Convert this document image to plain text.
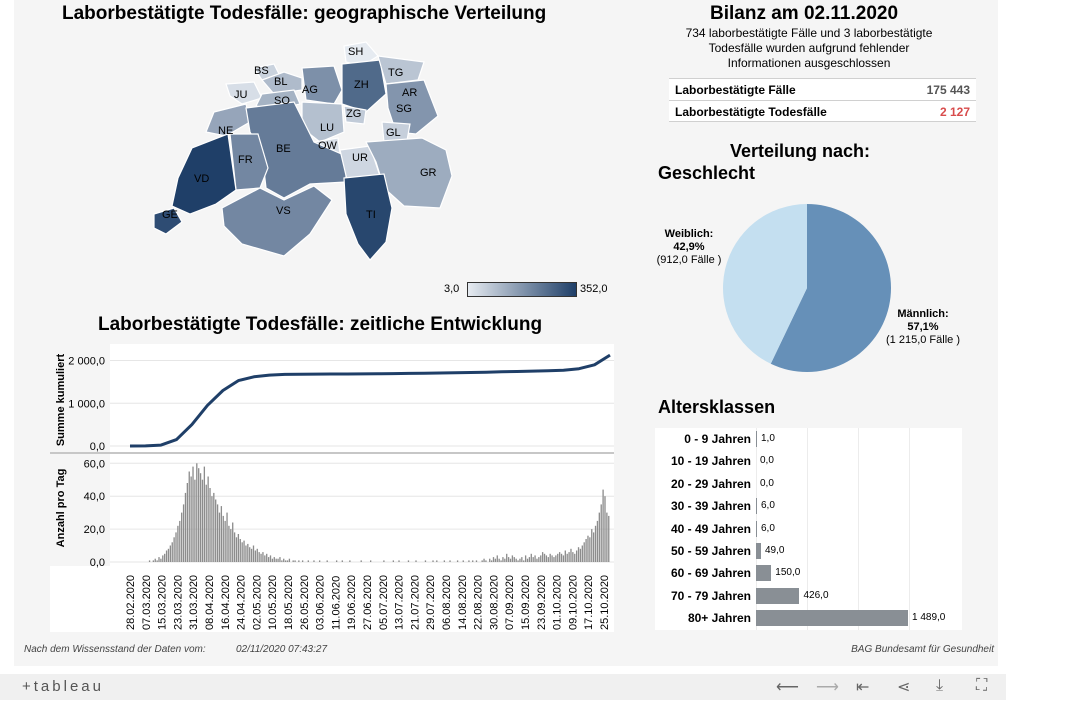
Laborbestätigte Todesfälle: geographische Verteilung
SH
BS
BL
AG	ZH
TG
JU SO
AR
SG
ZG
LU	GL
NE
OW
BE
FR	UR
GR
VD
VS	TI
GE
3,0	352,0
Laborbestätigte Todesfälle: zeitliche Entwicklung
0,0
1 000,0
2 000,0
Summe kumuliert
0,0
20,0
40,0
60,0
Anzahl pro Tag
28.02.2020 07.03.2020 15.03.2020 23.03.2020 31.03.2020 08.04.2020 16.04.2020 24.04.2020 02.05.2020 10.05.2020 18.05.2020 26.05.2020 03.06.2020 11.06.2020 19.06.2020 27.06.2020 05.07.2020 13.07.2020 21.07.2020 29.07.2020 06.08.2020 14.08.2020 22.08.2020 30.08.2020 07.09.2020 15.09.2020 23.09.2020 01.10.2020 09.10.2020 17.10.2020 25.10.2020
Bilanz am 02.11.2020
734 laborbestätigte Fälle und 3 laborbestätigte
Todesfälle wurden aufgrund fehlender
Informationen ausgeschlossen
Laborbestätigte Fälle	175 443
Laborbestätigte Todesfälle	2 127
Verteilung nach:
Geschlecht
Weiblich:
42,9%
(912,0 Fälle )
Männlich:
57,1%
(1 215,0 Fälle )
Altersklassen
0 - 9 Jahren 1,0
10 - 19 Jahren 0,0
20 - 29 Jahren 0,0
30 - 39 Jahren 6,0
40 - 49 Jahren 6,0
50 - 59 Jahren 49,0
60 - 69 Jahren 150,0
70 - 79 Jahren	426,0
80+ Jahren	1 489,0
Nach dem Wissensstand der Daten vom:	02/11/2020 07:43:27	BAG Bundesamt für Gesundheit
+tableau	⟵ ⟶ ⇤ ⋖ ⤓ ⛶
